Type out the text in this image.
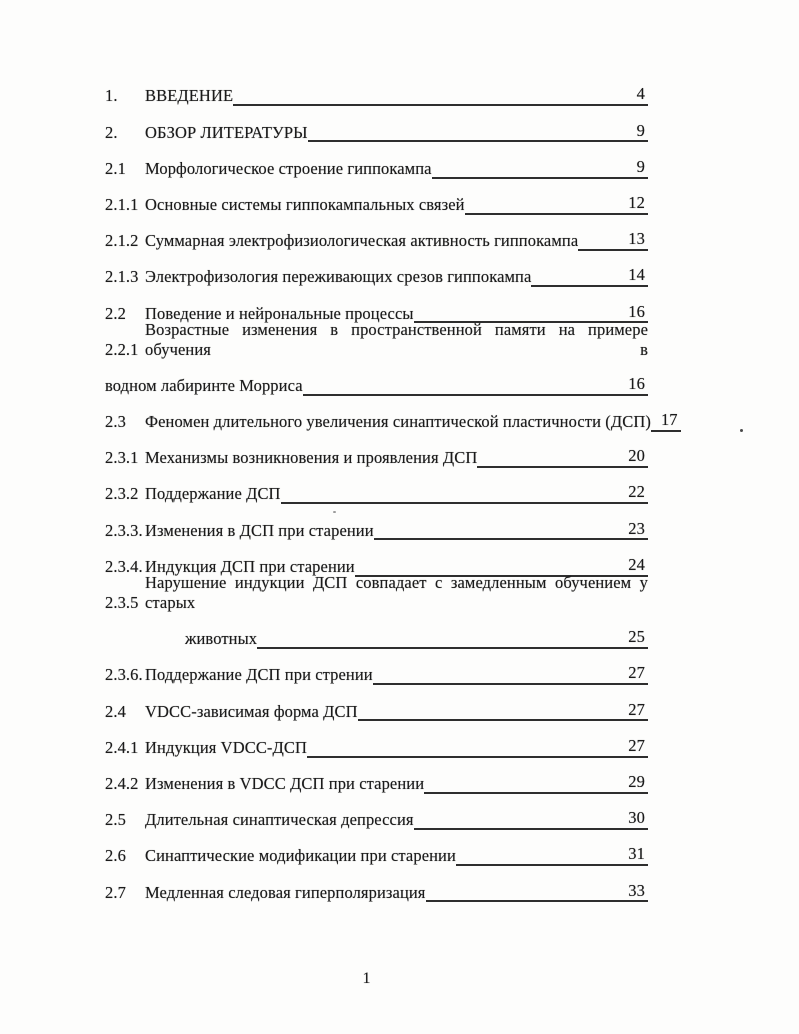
1.	ВВЕДЕНИЕ	4
2.	ОБЗОР ЛИТЕРАТУРЫ	9
2.1	Морфологическое строение гиппокампа	9
2.1.1 Основные системы гиппокампальных связей	12
2.1.2 Суммарная электрофизиологическая активность гиппокампа	13
2.1.3 Электрофизология переживающих срезов гиппокампа	14
2.2	Поведение и нейрональные процессы	16
2.2.1
Возрастные изменения в пространственной памяти на примере обучения в
водном лабиринте Морриса	16
2.3	Феномен длительного увеличения синаптической пластичности (ДСП) 17
2.3.1 Механизмы возникновения и проявления ДСП	20
2.3.2 Поддержание ДСП	22
2.3.3. Изменения в ДСП при старении	23
2.3.4. Индукция ДСП при старении	24
2.3.5
Нарушение индукции ДСП совпадает с замедленным обучением у старых
животных	25
2.3.6. Поддержание ДСП при стрении	27
2.4	VDCC-зависимая форма ДСП	27
2.4.1 Индукция VDCC-ДСП	27
2.4.2 Изменения в VDCC ДСП при старении	29
2.5	Длительная синаптическая депрессия	30
2.6	Синаптические модификации при старении	31
2.7	Медленная следовая гиперполяризация	33
1
